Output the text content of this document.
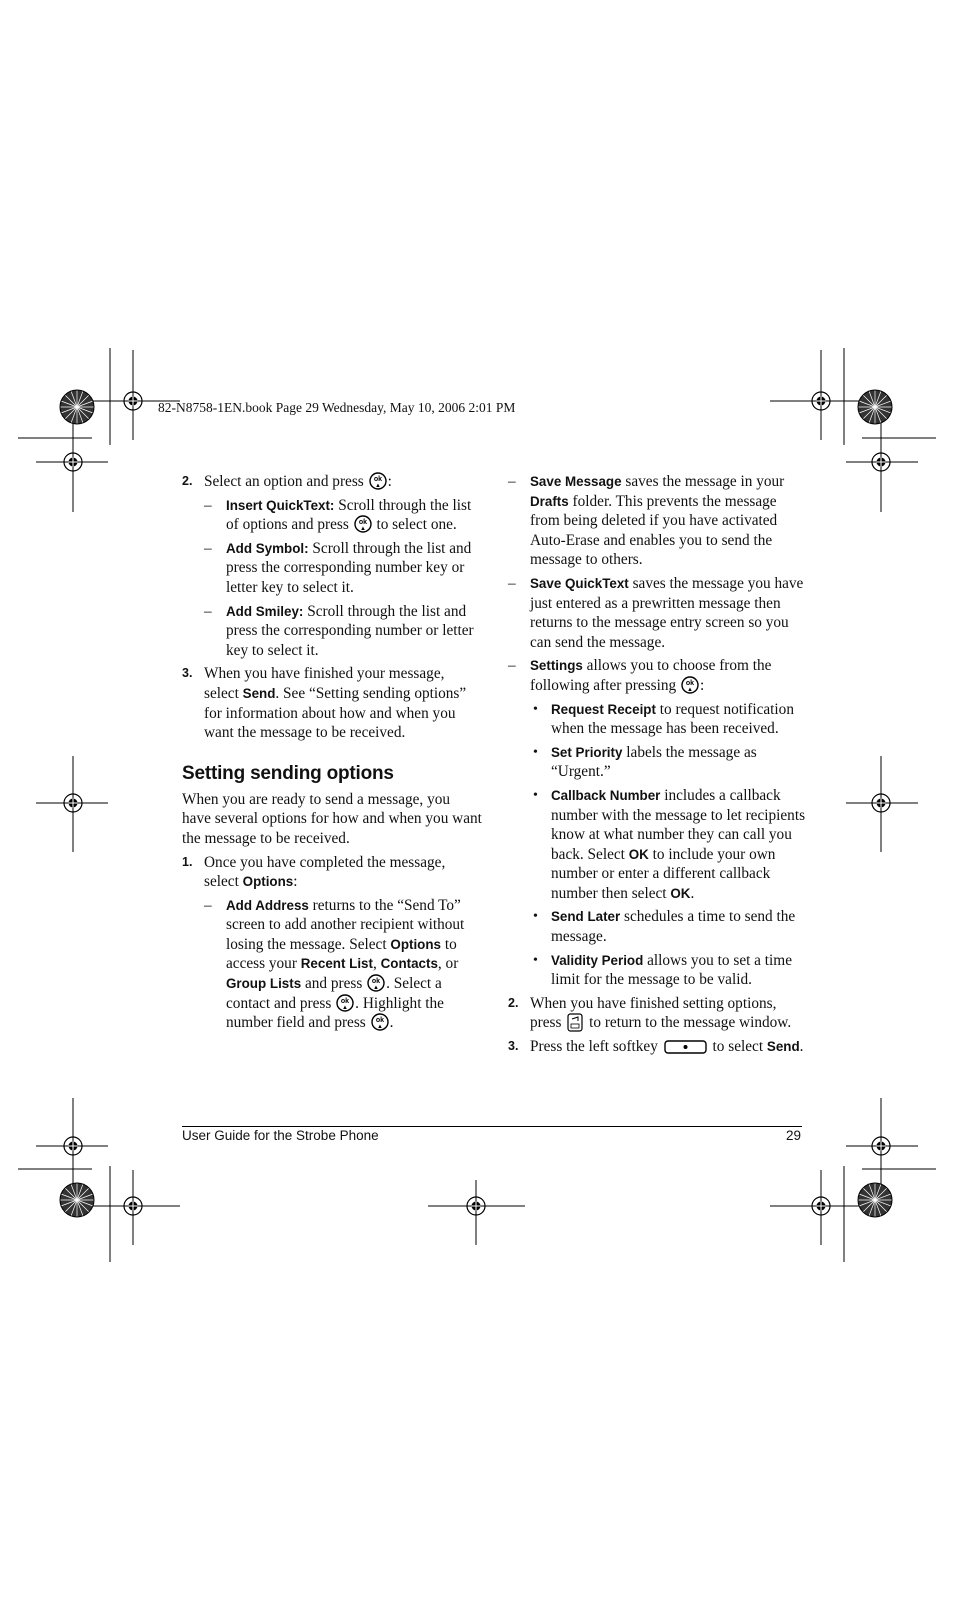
82-N8758-1EN.book Page 29 Wednesday, May 10, 2006 2:01 PM
2. Select an option and press ok
▲ :
– Insert QuickText: Scroll through the list of options and press ok
▲ to select one.
– Add Symbol: Scroll through the list and press the corresponding number key or letter key to select it.
– Add Smiley: Scroll through the list and press the corresponding number or letter key to select it.
3. When you have finished your message, select Send. See “Setting sending options” for information about how and when you want the message to be received.
Setting sending options

When you are ready to send a message, you have several options for how and when you want the message to be received.

1. Once you have completed the message, select Options:
– Add Address returns to the “Send To” screen to add another recipient without losing the message. Select Options to access your Recent List, Contacts, or Group Lists and press ok
▲ . Select a contact and press ok
▲ . Highlight the number field and press ok
▲ .
– Save Message saves the message in your Drafts folder. This prevents the message from being deleted if you have activated Auto-Erase and enables you to send the message to others.
– Save QuickText saves the message you have just entered as a prewritten message then returns to the message entry screen so you can send the message.
– Settings allows you to choose from the following after pressing ok
▲ :
• Request Receipt to request notification when the message has been received.
• Set Priority labels the message as “Urgent.”
• Callback Number includes a callback number with the message to let recipients know at what number they can call you back. Select OK to include your own number or enter a different callback number then select OK.
• Send Later schedules a time to send the message.
• Validity Period allows you to set a time limit for the message to be valid.
2. When you have finished setting options, press  to return to the message window.
3. Press the left softkey	to select Send.
User Guide for the Strobe Phone	29
